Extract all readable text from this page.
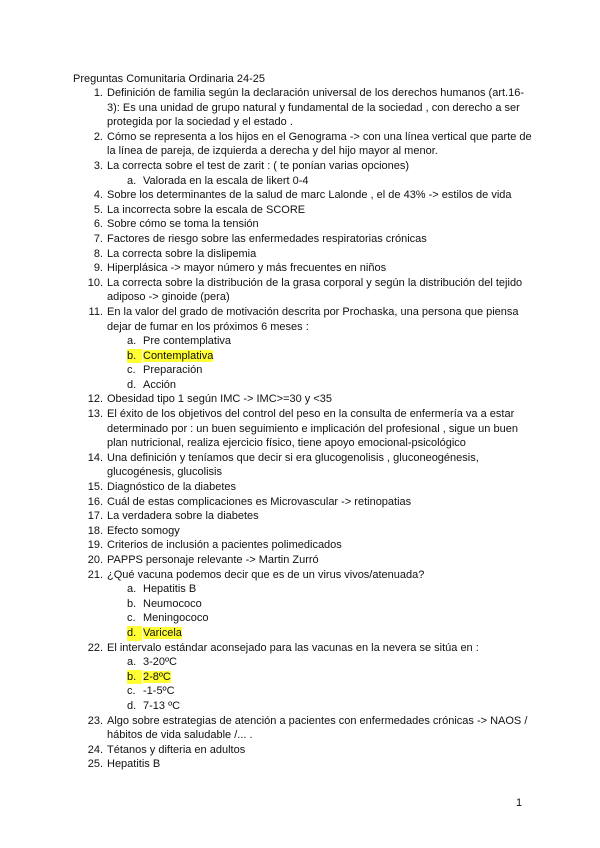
Preguntas Comunitaria Ordinaria 24-25
1. Definición de familia según la declaración universal de los derechos humanos (art.16-3): Es una unidad de grupo natural y fundamental de la sociedad , con derecho a ser protegida por la sociedad y el estado .
2. Cómo se representa a los hijos en el Genograma -> con una línea vertical que parte de la línea de pareja, de izquierda a derecha y del hijo mayor al menor.
3. La correcta sobre el test de zarit : ( te ponían varias opciones)
a. Valorada en la escala de likert 0-4
4. Sobre los determinantes de la salud de marc Lalonde , el de 43% -> estilos de vida
5. La incorrecta sobre la escala de SCORE
6. Sobre cómo se toma la tensión
7. Factores de riesgo sobre las enfermedades respiratorias crónicas
8. La correcta sobre la dislipemia
9. Hiperplásica -> mayor número y más frecuentes en niños
10. La correcta sobre la distribución de la grasa corporal y según la distribución del tejido adiposo -> ginoide (pera)
11. En la valor del grado de motivación descrita por Prochaska, una persona que piensa dejar de fumar en los próximos 6 meses :
a. Pre contemplativa
b. Contemplativa
c. Preparación
d. Acción
12. Obesidad tipo 1 según IMC -> IMC>=30 y <35
13. El éxito de los objetivos del control del peso en la consulta de enfermería va a estar determinado por : un buen seguimiento e implicación del profesional , sigue un buen plan nutricional, realiza ejercicio físico, tiene apoyo emocional-psicológico
14. Una definición y teníamos que decir si era glucogenolisis , gluconeogénesis, glucogénesis, glucolisis
15. Diagnóstico de la diabetes
16. Cuál de estas complicaciones es Microvascular -> retinopatias
17. La verdadera sobre la diabetes
18. Efecto somogy
19. Criterios de inclusión a pacientes polimedicados
20. PAPPS personaje relevante -> Martin Zurró
21. ¿Qué vacuna podemos decir que es de un virus vivos/atenuada?
a. Hepatitis B
b. Neumococo
c. Meningococo
d. Varicela
22. El intervalo estándar aconsejado para las vacunas en la nevera se sitúa en :
a. 3-20ºC
b. 2-8ºC
c. -1-5ºC
d. 7-13 ºC
23. Algo sobre estrategias de atención a pacientes con enfermedades crónicas -> NAOS / hábitos de vida saludable /... .
24. Tétanos y difteria en adultos
25. Hepatitis B
1
